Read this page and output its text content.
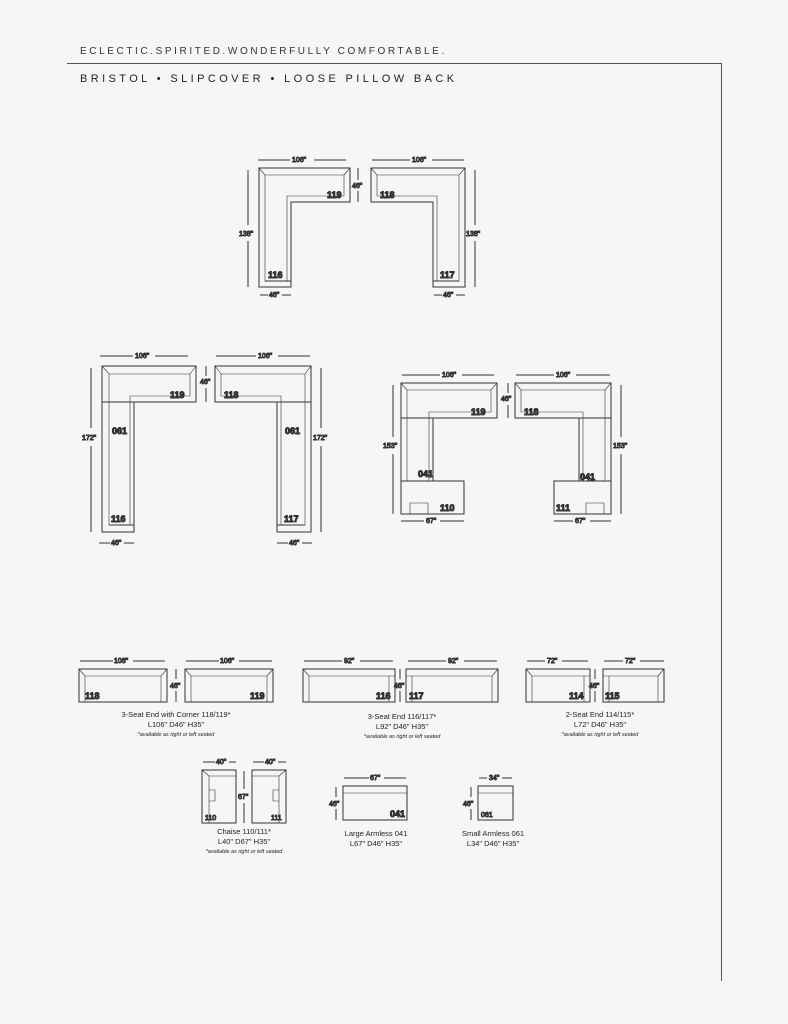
ECLECTIC.SPIRITED.WONDERFULLY COMFORTABLE.
BRISTOL • SLIPCOVER • LOOSE PILLOW BACK
119
116
106"
138"
46"
46"
118
117
106"
138"
46"
119
061
116
106"
172"
46"
46"
118
061
117
106"
172"
46"
119
041
110
106"
153"
67"
46"
118
041
111
106"
153"
67"
118
106"
46"
119
106"
116
92"
46"
117
92"
114
72"
46"
115
72"
110
40"
67"
111
40"
041
67"
46"
061
34"
46"
3-Seat End with Corner 118/119*
L106" D46" H35"
*available as right or left seated
3-Seat End 116/117*
L92" D46" H35"
*available as right or left seated
2-Seat End 114/115*
L72" D46" H35"
*available as right or left seated
Chaise 110/111*
L40" D67" H35"
*available as right or left seated
Large Armless 041
L67" D46" H35"
Small Armless 061
L34" D46" H35"
